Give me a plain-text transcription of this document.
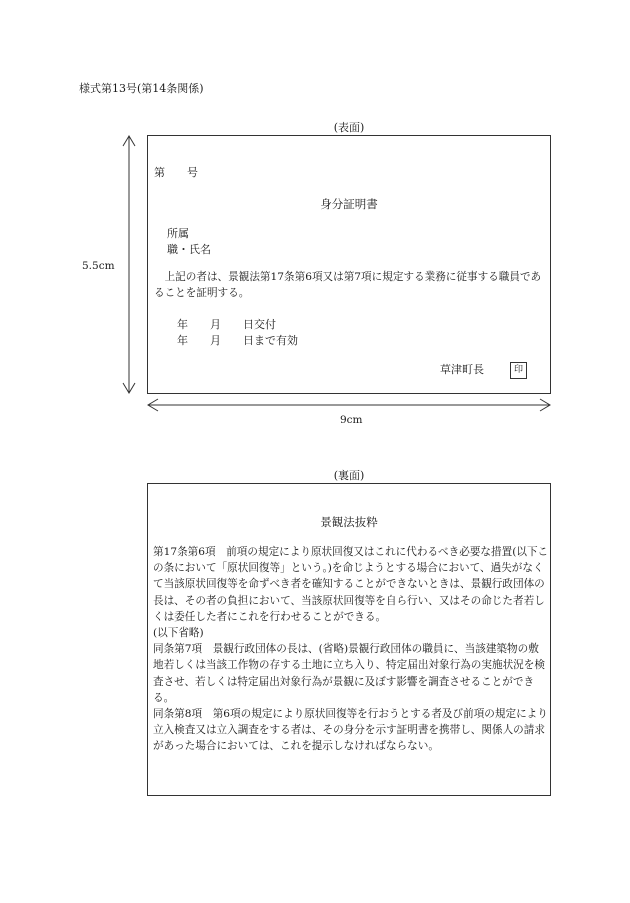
様式第13号(第14条関係)
(表面)
第　　号
身分証明書
所属
職・氏名
上記の者は、景観法第17条第6項又は第7項に規定する業務に従事する職員であることを証明する。
年　　月　　日交付
年　　月　　日まで有効
草津町長	印
5.5cm
9cm
(裏面)
景観法抜粋
第17条第6項　前項の規定により原状回復又はこれに代わるべき必要な措置(以下この条において「原状回復等」という。)を命じようとする場合において、過失がなくて当該原状回復等を命ずべき者を確知することができないときは、景観行政団体の長は、その者の負担において、当該原状回復等を自ら行い、又はその命じた者若しくは委任した者にこれを行わせることができる。
(以下省略)
同条第7項　景観行政団体の長は、(省略)景観行政団体の職員に、当該建築物の敷地若しくは当該工作物の存する土地に立ち入り、特定届出対象行為の実施状況を検査させ、若しくは特定届出対象行為が景観に及ぼす影響を調査させることができる。
同条第8項　第6項の規定により原状回復等を行おうとする者及び前項の規定により立入検査又は立入調査をする者は、その身分を示す証明書を携帯し、関係人の請求があった場合においては、これを提示しなければならない。
